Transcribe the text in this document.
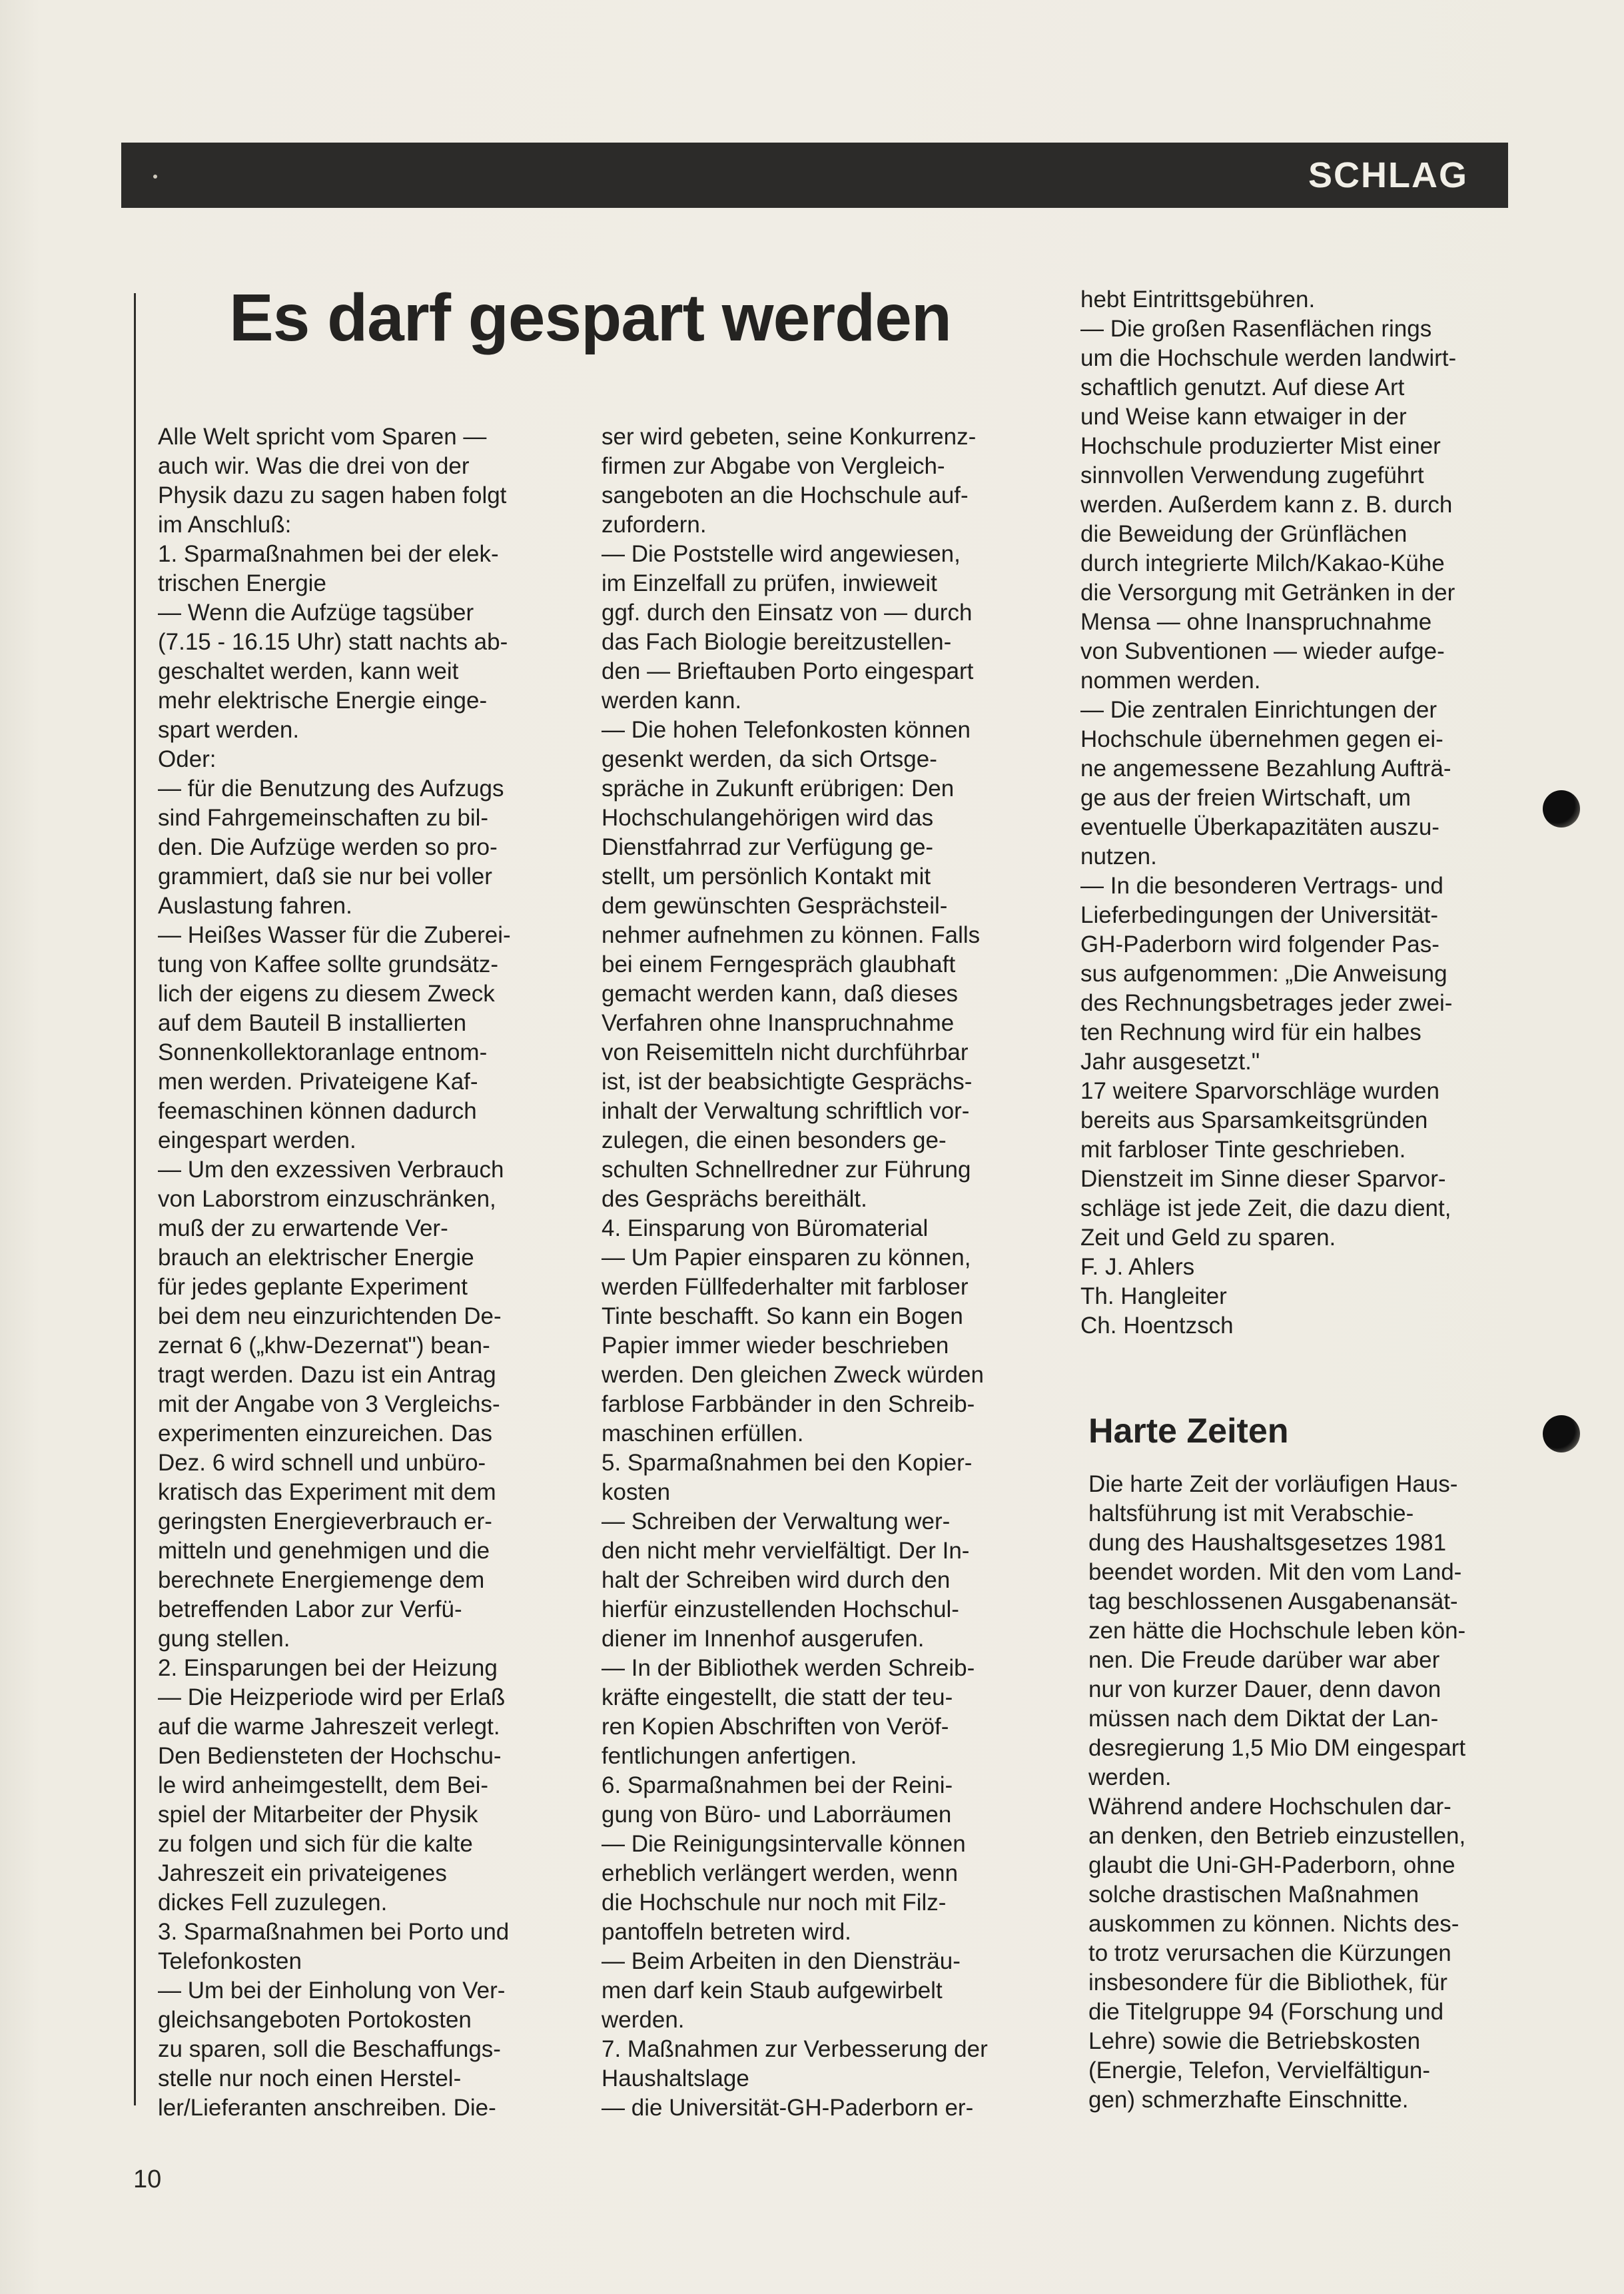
SCHLAG
Es darf gespart werden
Alle Welt spricht vom Sparen —
auch wir. Was die drei von der
Physik dazu zu sagen haben folgt
im Anschluß:
1. Sparmaßnahmen bei der elek-
trischen Energie
— Wenn die Aufzüge tagsüber
(7.15 - 16.15 Uhr) statt nachts ab-
geschaltet werden, kann weit
mehr elektrische Energie einge-
spart werden.
Oder:
— für die Benutzung des Aufzugs
sind Fahrgemeinschaften zu bil-
den. Die Aufzüge werden so pro-
grammiert, daß sie nur bei voller
Auslastung fahren.
— Heißes Wasser für die Zuberei-
tung von Kaffee sollte grundsätz-
lich der eigens zu diesem Zweck
auf dem Bauteil B installierten
Sonnenkollektoranlage entnom-
men werden. Privateigene Kaf-
feemaschinen können dadurch
eingespart werden.
— Um den exzessiven Verbrauch
von Laborstrom einzuschränken,
muß der zu erwartende Ver-
brauch an elektrischer Energie
für jedes geplante Experiment
bei dem neu einzurichtenden De-
zernat 6 („khw-Dezernat") bean-
tragt werden. Dazu ist ein Antrag
mit der Angabe von 3 Vergleichs-
experimenten einzureichen. Das
Dez. 6 wird schnell und unbüro-
kratisch das Experiment mit dem
geringsten Energieverbrauch er-
mitteln und genehmigen und die
berechnete Energiemenge dem
betreffenden Labor zur Verfü-
gung stellen.
2. Einsparungen bei der Heizung
— Die Heizperiode wird per Erlaß
auf die warme Jahreszeit verlegt.
Den Bediensteten der Hochschu-
le wird anheimgestellt, dem Bei-
spiel der Mitarbeiter der Physik
zu folgen und sich für die kalte
Jahreszeit ein privateigenes
dickes Fell zuzulegen.
3. Sparmaßnahmen bei Porto und
Telefonkosten
— Um bei der Einholung von Ver-
gleichsangeboten Portokosten
zu sparen, soll die Beschaffungs-
stelle nur noch einen Herstel-
ler/Lieferanten anschreiben. Die-
ser wird gebeten, seine Konkurrenz-
firmen zur Abgabe von Vergleich-
sangeboten an die Hochschule auf-
zufordern.
— Die Poststelle wird angewiesen,
im Einzelfall zu prüfen, inwieweit
ggf. durch den Einsatz von — durch
das Fach Biologie bereitzustellen-
den — Brieftauben Porto eingespart
werden kann.
— Die hohen Telefonkosten können
gesenkt werden, da sich Ortsge-
spräche in Zukunft erübrigen: Den
Hochschulangehörigen wird das
Dienstfahrrad zur Verfügung ge-
stellt, um persönlich Kontakt mit
dem gewünschten Gesprächsteil-
nehmer aufnehmen zu können. Falls
bei einem Ferngespräch glaubhaft
gemacht werden kann, daß dieses
Verfahren ohne Inanspruchnahme
von Reisemitteln nicht durchführbar
ist, ist der beabsichtigte Gesprächs-
inhalt der Verwaltung schriftlich vor-
zulegen, die einen besonders ge-
schulten Schnellredner zur Führung
des Gesprächs bereithält.
4. Einsparung von Büromaterial
— Um Papier einsparen zu können,
werden Füllfederhalter mit farbloser
Tinte beschafft. So kann ein Bogen
Papier immer wieder beschrieben
werden. Den gleichen Zweck würden
farblose Farbbänder in den Schreib-
maschinen erfüllen.
5. Sparmaßnahmen bei den Kopier-
kosten
— Schreiben der Verwaltung wer-
den nicht mehr vervielfältigt. Der In-
halt der Schreiben wird durch den
hierfür einzustellenden Hochschul-
diener im Innenhof ausgerufen.
— In der Bibliothek werden Schreib-
kräfte eingestellt, die statt der teu-
ren Kopien Abschriften von Veröf-
fentlichungen anfertigen.
6. Sparmaßnahmen bei der Reini-
gung von Büro- und Laborräumen
— Die Reinigungsintervalle können
erheblich verlängert werden, wenn
die Hochschule nur noch mit Filz-
pantoffeln betreten wird.
— Beim Arbeiten in den Diensträu-
men darf kein Staub aufgewirbelt
werden.
7. Maßnahmen zur Verbesserung der
Haushaltslage
— die Universität-GH-Paderborn er-
hebt Eintrittsgebühren.
— Die großen Rasenflächen rings
um die Hochschule werden landwirt-
schaftlich genutzt. Auf diese Art
und Weise kann etwaiger in der
Hochschule produzierter Mist einer
sinnvollen Verwendung zugeführt
werden. Außerdem kann z. B. durch
die Beweidung der Grünflächen
durch integrierte Milch/Kakao-Kühe
die Versorgung mit Getränken in der
Mensa — ohne Inanspruchnahme
von Subventionen — wieder aufge-
nommen werden.
— Die zentralen Einrichtungen der
Hochschule übernehmen gegen ei-
ne angemessene Bezahlung Aufträ-
ge aus der freien Wirtschaft, um
eventuelle Überkapazitäten auszu-
nutzen.
— In die besonderen Vertrags- und
Lieferbedingungen der Universität-
GH-Paderborn wird folgender Pas-
sus aufgenommen: „Die Anweisung
des Rechnungsbetrages jeder zwei-
ten Rechnung wird für ein halbes
Jahr ausgesetzt."
17 weitere Sparvorschläge wurden
bereits aus Sparsamkeitsgründen
mit farbloser Tinte geschrieben.
Dienstzeit im Sinne dieser Sparvor-
schläge ist jede Zeit, die dazu dient,
Zeit und Geld zu sparen.
F. J. Ahlers
Th. Hangleiter
Ch. Hoentzsch
Harte Zeiten
Die harte Zeit der vorläufigen Haus-
haltsführung ist mit Verabschie-
dung des Haushaltsgesetzes 1981
beendet worden. Mit den vom Land-
tag beschlossenen Ausgabenansät-
zen hätte die Hochschule leben kön-
nen. Die Freude darüber war aber
nur von kurzer Dauer, denn davon
müssen nach dem Diktat der Lan-
desregierung 1,5 Mio DM eingespart
werden.
Während andere Hochschulen dar-
an denken, den Betrieb einzustellen,
glaubt die Uni-GH-Paderborn, ohne
solche drastischen Maßnahmen
auskommen zu können. Nichts des-
to trotz verursachen die Kürzungen
insbesondere für die Bibliothek, für
die Titelgruppe 94 (Forschung und
Lehre) sowie die Betriebskosten
(Energie, Telefon, Vervielfältigun-
gen) schmerzhafte Einschnitte.
10
